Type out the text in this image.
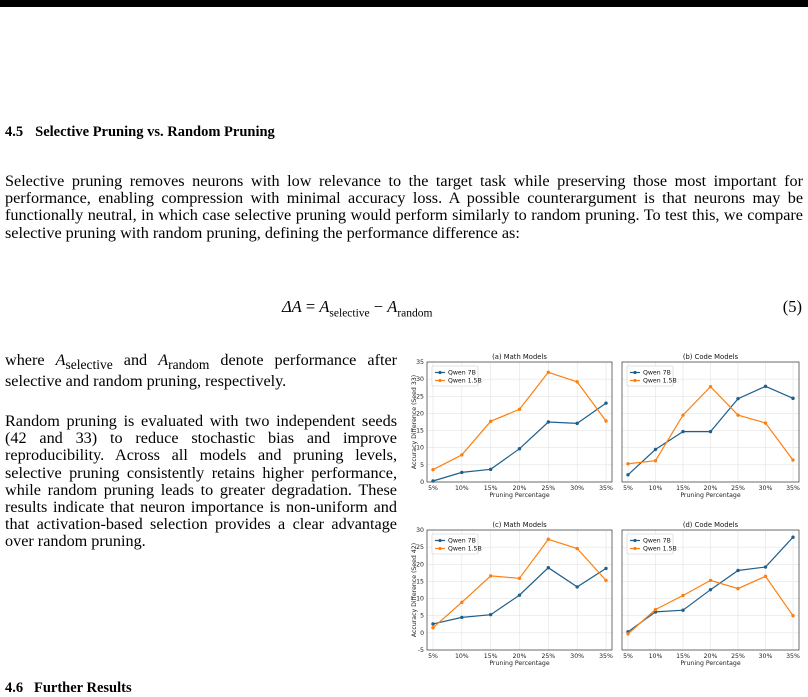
4.5 Selective Pruning vs. Random Pruning
Selective pruning removes neurons with low relevance to the target task while preserving those most important for performance, enabling compression with minimal accuracy loss. A possible counterargument is that neurons may be functionally neutral, in which case selective pruning would perform similarly to random pruning. To test this, we compare selective pruning with random pruning, defining the performance difference as:
$\Delta A = A_{selective} - A_{random}$	(5)
where $A_{selective}$ and $A_{random}$ denote performance after selective and random pruning, respectively.

Random pruning is evaluated with two independent seeds (42 and 33) to reduce stochastic bias and improve reproducibility. Across all models and pruning levels, selective pruning consistently retains higher performance, while random pruning leads to greater degradation. These results indicate that neuron importance is non-uniform and that activation-based selection provides a clear advantage over random pruning.

4.6 Further Results
0
5
10
15
20
25
30
35
5%	10% 15% 20% 25% 30% 35%
(a) Math Models
Pruning Percentage
Accuracy Difference (Seed 33)
Qwen 7B
Qwen 1.5B
5%	10% 15% 20% 25% 30% 35%
(b) Code Models
Pruning Percentage
Qwen 7B
Qwen 1.5B
-5
0
5
10
15
20
25
30
5%	10% 15% 20% 25% 30% 35%
(c) Math Models
Pruning Percentage
Accuracy Difference (Seed 42)
Qwen 7B
Qwen 1.5B
5%	10% 15% 20% 25% 30% 35%
(d) Code Models
Pruning Percentage
Qwen 7B
Qwen 1.5B
